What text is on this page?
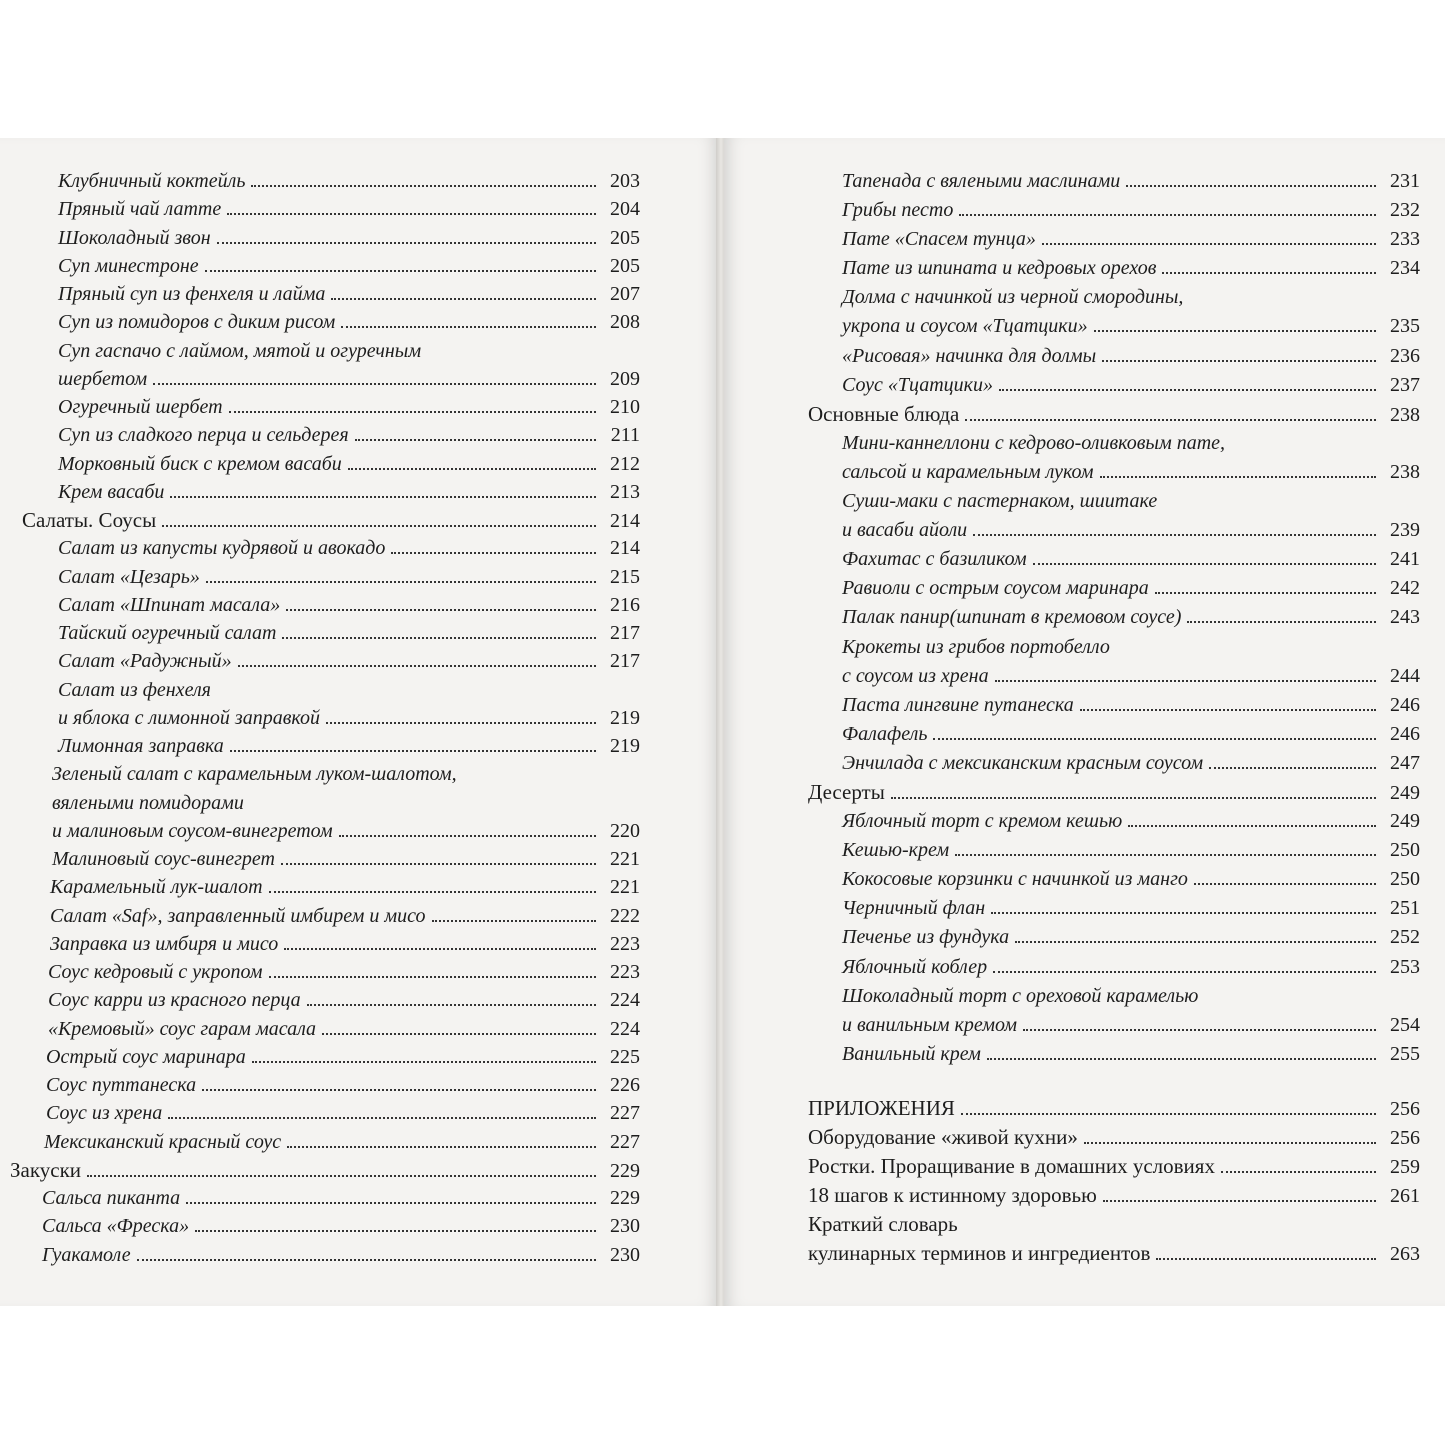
Клубничный коктейль	203
Пряный чай латте	204
Шоколадный звон	205
Суп минестроне	205
Пряный суп из фенхеля и лайма	207
Суп из помидоров с диким рисом	208
Суп гаспачо с лаймом, мятой и огуречным
шербетом	209
Огуречный шербет	210
Суп из сладкого перца и сельдерея	211
Морковный биск с кремом васаби	212
Крем васаби	213
Салаты. Соусы	214
Салат из капусты кудрявой и авокадо	214
Салат «Цезарь»	215
Салат «Шпинат масала»	216
Тайский огуречный салат	217
Салат «Радужный»	217
Салат из фенхеля
и яблока с лимонной заправкой	219
Лимонная заправка	219
Зеленый салат с карамельным луком-шалотом,
вялеными помидорами
и малиновым соусом-винегретом	220
Малиновый соус-винегрет	221
Карамельный лук-шалот	221
Салат «Saf», заправленный имбирем и мисо	222
Заправка из имбиря и мисо	223
Соус кедровый с укропом	223
Соус карри из красного перца	224
«Кремовый» соус гарам масала	224
Острый соус маринара	225
Соус путтанеска	226
Соус из хрена	227
Мексиканский красный соус	227
Закуски	229
Сальса пиканта	229
Сальса «Фреска»	230
Гуакамоле	230
Тапенада с вялеными маслинами	231
Грибы песто	232
Пате «Спасем тунца»	233
Пате из шпината и кедровых орехов	234
Долма с начинкой из черной смородины,
укропа и соусом «Тцатцики»	235
«Рисовая» начинка для долмы	236
Соус «Тцатцики»	237
Основные блюда	238
Мини-каннеллони с кедрово-оливковым пате,
сальсой и карамельным луком	238
Суши-маки с пастернаком, шиитаке
и васаби айоли	239
Фахитас с базиликом	241
Равиоли с острым соусом маринара	242
Палак панир(шпинат в кремовом соусе)	243
Крокеты из грибов портобелло
с соусом из хрена	244
Паста лингвине путанеска	246
Фалафель	246
Энчилада с мексиканским красным соусом	247
Десерты	249
Яблочный торт с кремом кешью	249
Кешью-крем	250
Кокосовые корзинки с начинкой из манго	250
Черничный флан	251
Печенье из фундука	252
Яблочный коблер	253
Шоколадный торт с ореховой карамелью
и ванильным кремом	254
Ванильный крем	255
ПРИЛОЖЕНИЯ	256
Оборудование «живой кухни»	256
Ростки. Проращивание в домашних условиях	259
18 шагов к истинному здоровью	261
Краткий словарь
кулинарных терминов и ингредиентов	263
